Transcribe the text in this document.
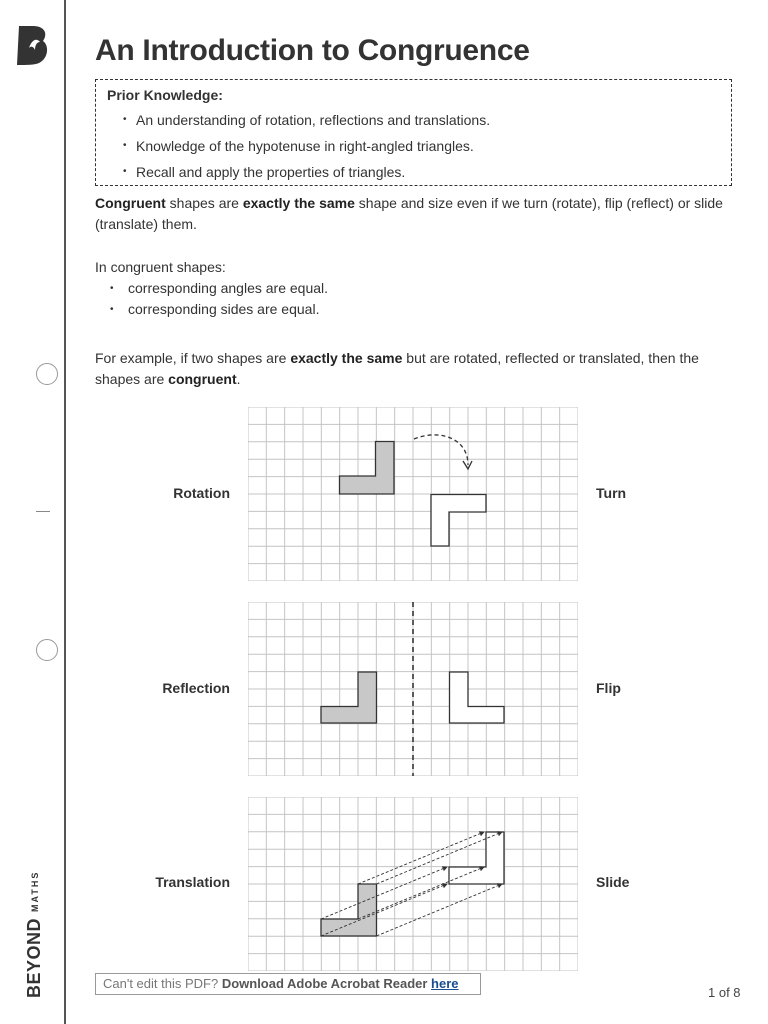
BEYOND
MATHS
An Introduction to Congruence
Prior Knowledge:
• An understanding of rotation, reflections and translations.
• Knowledge of the hypotenuse in right-angled triangles.
• Recall and apply the properties of triangles.

Congruent shapes are exactly the same shape and size even if we turn (rotate), flip (reflect) or slide (translate) them.

In congruent shapes:

• corresponding angles are equal.
• corresponding sides are equal.

For example, if two shapes are exactly the same but are rotated, reflected or translated, then the shapes are congruent.

Rotation	Turn
Reflection	Flip
Translation	Slide
Can't edit this PDF? Download Adobe Acrobat Reader here
1 of 8
